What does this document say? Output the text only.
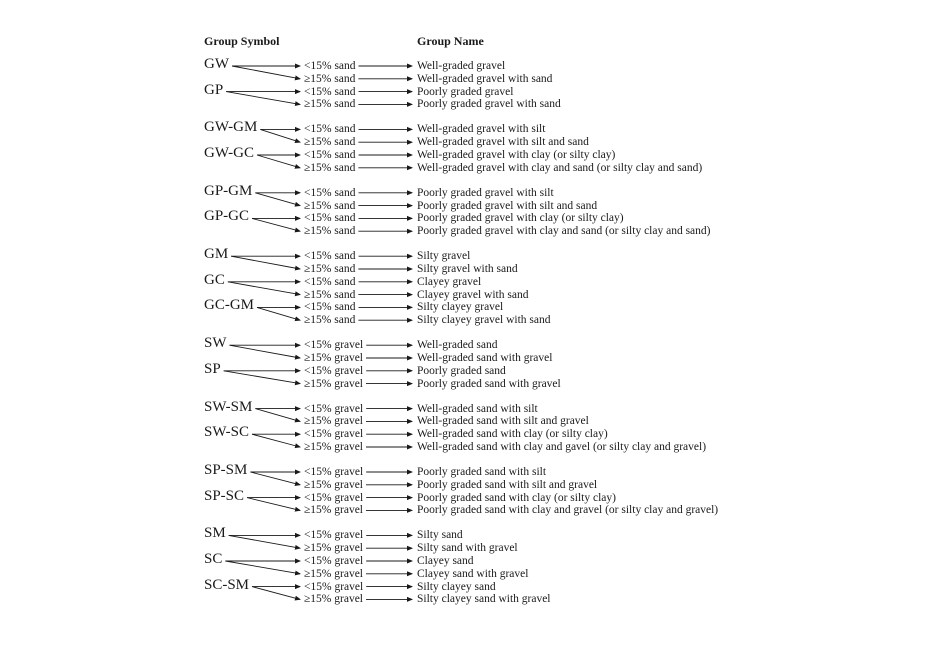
Group Symbol	Group Name
GW	<15% sand	Well-graded gravel
≥15% sand	Well-graded gravel with sand
GP	<15% sand	Poorly graded gravel
≥15% sand	Poorly graded gravel with sand
GW-GM	<15% sand	Well-graded gravel with silt
≥15% sand	Well-graded gravel with silt and sand
GW-GC	<15% sand	Well-graded gravel with clay (or silty clay)
≥15% sand	Well-graded gravel with clay and sand (or silty clay and sand)
GP-GM	<15% sand	Poorly graded gravel with silt
≥15% sand	Poorly graded gravel with silt and sand
GP-GC	<15% sand	Poorly graded gravel with clay (or silty clay)
≥15% sand	Poorly graded gravel with clay and sand (or silty clay and sand)
GM	<15% sand	Silty gravel
≥15% sand	Silty gravel with sand
GC	<15% sand	Clayey gravel
≥15% sand	Clayey gravel with sand
GC-GM	<15% sand	Silty clayey gravel
≥15% sand	Silty clayey gravel with sand
SW	<15% gravel	Well-graded sand
≥15% gravel	Well-graded sand with gravel
SP	<15% gravel	Poorly graded sand
≥15% gravel	Poorly graded sand with gravel
SW-SM	<15% gravel	Well-graded sand with silt
≥15% gravel	Well-graded sand with silt and gravel
SW-SC	<15% gravel	Well-graded sand with clay (or silty clay)
≥15% gravel	Well-graded sand with clay and gavel (or silty clay and gravel)
SP-SM	<15% gravel	Poorly graded sand with silt
≥15% gravel	Poorly graded sand with silt and gravel
SP-SC	<15% gravel	Poorly graded sand with clay (or silty clay)
≥15% gravel	Poorly graded sand with clay and gravel (or silty clay and gravel)
SM	<15% gravel	Silty sand
≥15% gravel	Silty sand with gravel
SC	<15% gravel	Clayey sand
≥15% gravel	Clayey sand with gravel
SC-SM	<15% gravel	Silty clayey sand
≥15% gravel	Silty clayey sand with gravel
